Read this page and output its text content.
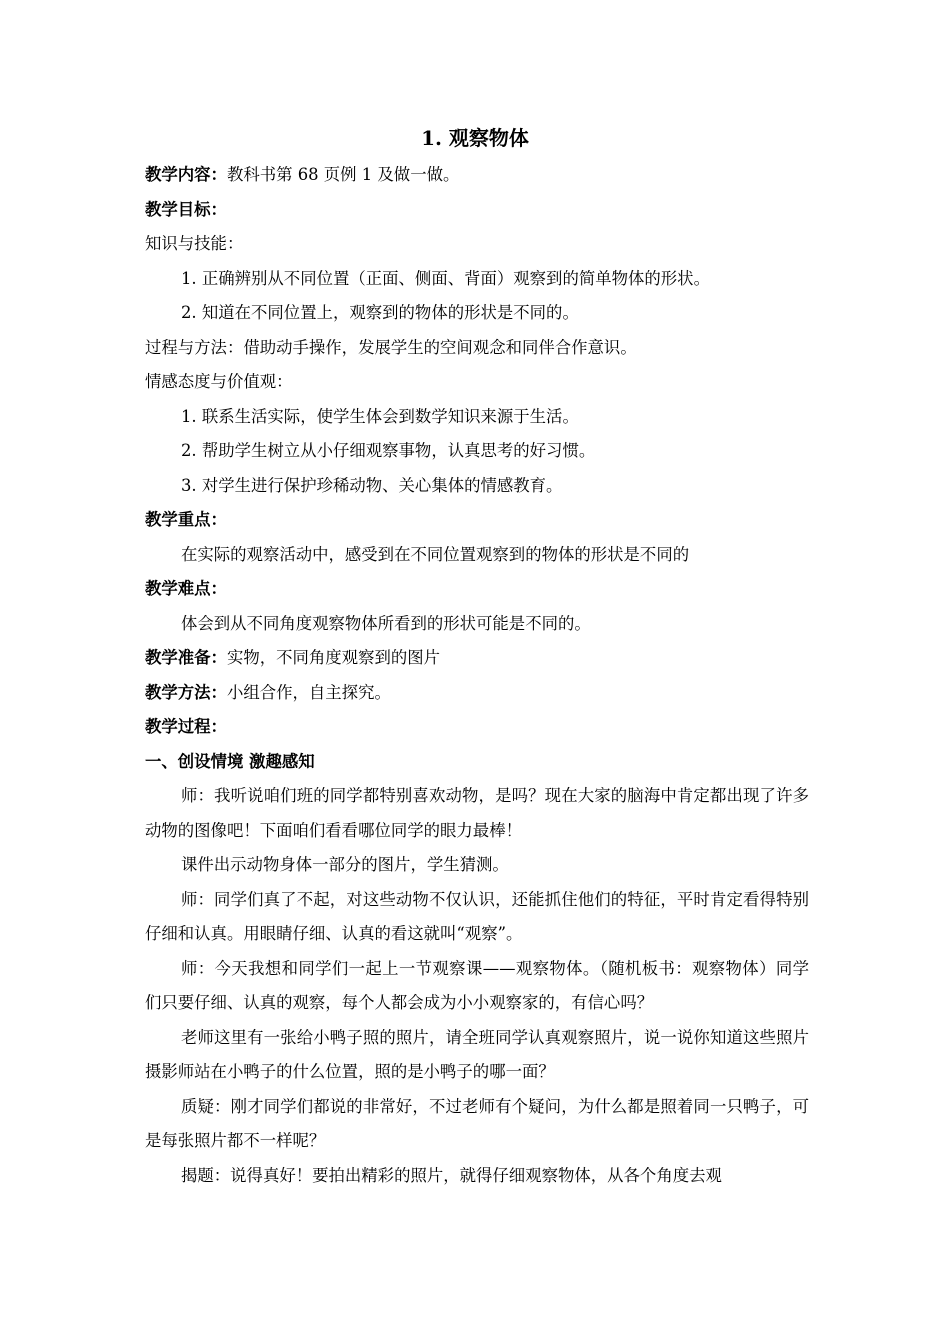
1. 观察物体
教学内容：教科书第 68 页例 1 及做一做。
教学目标：
知识与技能：
1. 正确辨别从不同位置（正面、侧面、背面）观察到的简单物体的形状。
2. 知道在不同位置上，观察到的物体的形状是不同的。
过程与方法：借助动手操作，发展学生的空间观念和同伴合作意识。
情感态度与价值观：
1. 联系生活实际，使学生体会到数学知识来源于生活。
2. 帮助学生树立从小仔细观察事物，认真思考的好习惯。
3. 对学生进行保护珍稀动物、关心集体的情感教育。
教学重点：
在实际的观察活动中，感受到在不同位置观察到的物体的形状是不同的
教学难点：
体会到从不同角度观察物体所看到的形状可能是不同的。
教学准备：实物，不同角度观察到的图片
教学方法：小组合作，自主探究。
教学过程：
一、创设情境 激趣感知
师：我听说咱们班的同学都特别喜欢动物，是吗？现在大家的脑海中肯定都出现了许多动物的图像吧！下面咱们看看哪位同学的眼力最棒！
课件出示动物身体一部分的图片，学生猜测。
师：同学们真了不起，对这些动物不仅认识，还能抓住他们的特征，平时肯定看得特别仔细和认真。用眼睛仔细、认真的看这就叫“观察”。
师：今天我想和同学们一起上一节观察课——观察物体。（随机板书：观察物体）同学们只要仔细、认真的观察，每个人都会成为小小观察家的，有信心吗？
老师这里有一张给小鸭子照的照片，请全班同学认真观察照片，说一说你知道这些照片摄影师站在小鸭子的什么位置，照的是小鸭子的哪一面？
质疑：刚才同学们都说的非常好，不过老师有个疑问，为什么都是照着同一只鸭子，可是每张照片都不一样呢？
揭题：说得真好！要拍出精彩的照片，就得仔细观察物体，从各个角度去观
